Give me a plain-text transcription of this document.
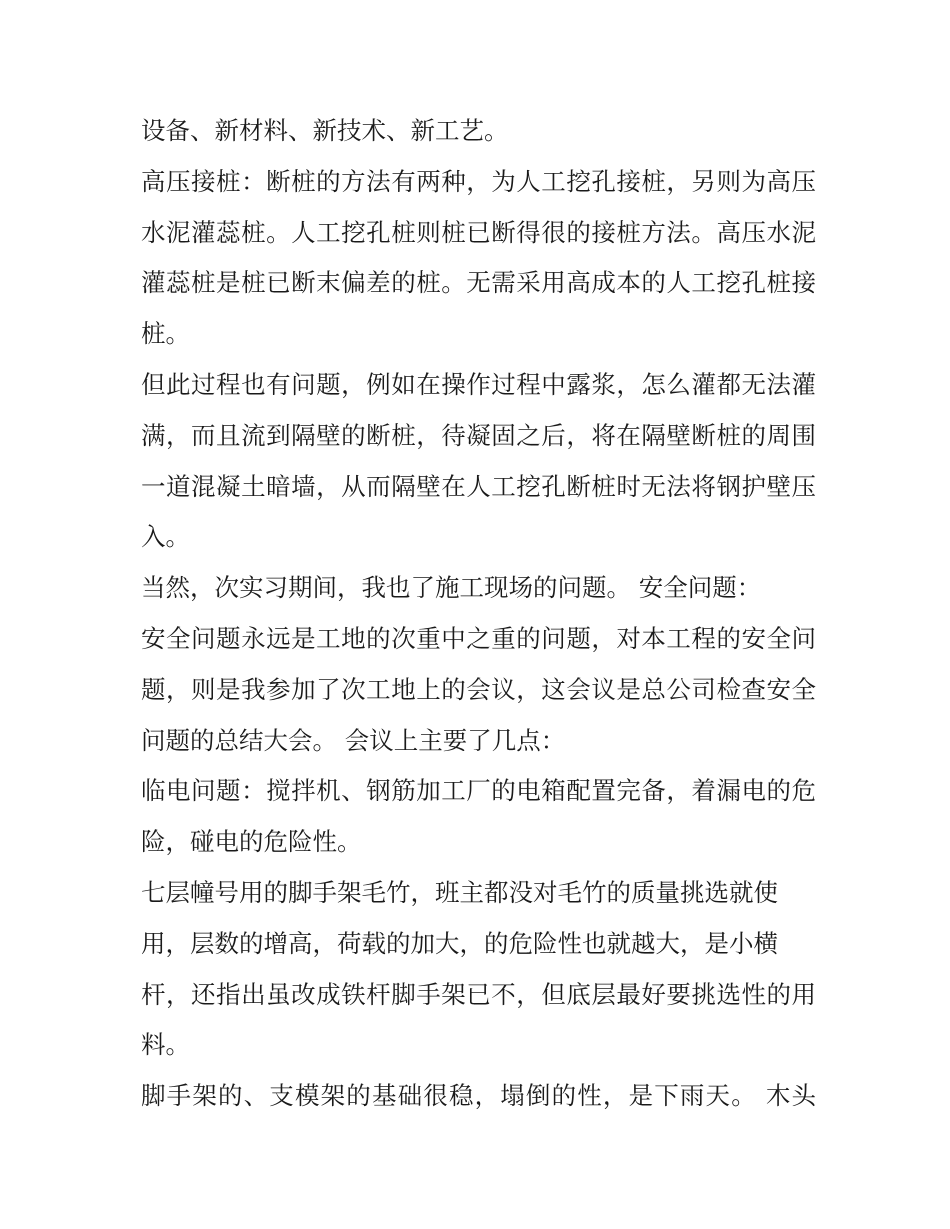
设备、新材料、新技术、新工艺。
高压接桩：断桩的方法有两种，为人工挖孔接桩，另则为高压
水泥灌蕊桩。人工挖孔桩则桩已断得很的接桩方法。高压水泥
灌蕊桩是桩已断末偏差的桩。无需采用高成本的人工挖孔桩接
桩。
但此过程也有问题，例如在操作过程中露浆，怎么灌都无法灌
满，而且流到隔壁的断桩，待凝固之后，将在隔壁断桩的周围
一道混凝土暗墙，从而隔壁在人工挖孔断桩时无法将钢护壁压
入。
当然，次实习期间，我也了施工现场的问题。 安全问题：
安全问题永远是工地的次重中之重的问题，对本工程的安全问
题，则是我参加了次工地上的会议，这会议是总公司检查安全
问题的总结大会。 会议上主要了几点：
临电问题：搅拌机、钢筋加工厂的电箱配置完备，着漏电的危
险，碰电的危险性。
七层幢号用的脚手架毛竹，班主都没对毛竹的质量挑选就使
用，层数的增高，荷载的加大，的危险性也就越大，是小横
杆，还指出虽改成铁杆脚手架已不，但底层最好要挑选性的用
料。
脚手架的、支模架的基础很稳，塌倒的性，是下雨天。 木头
